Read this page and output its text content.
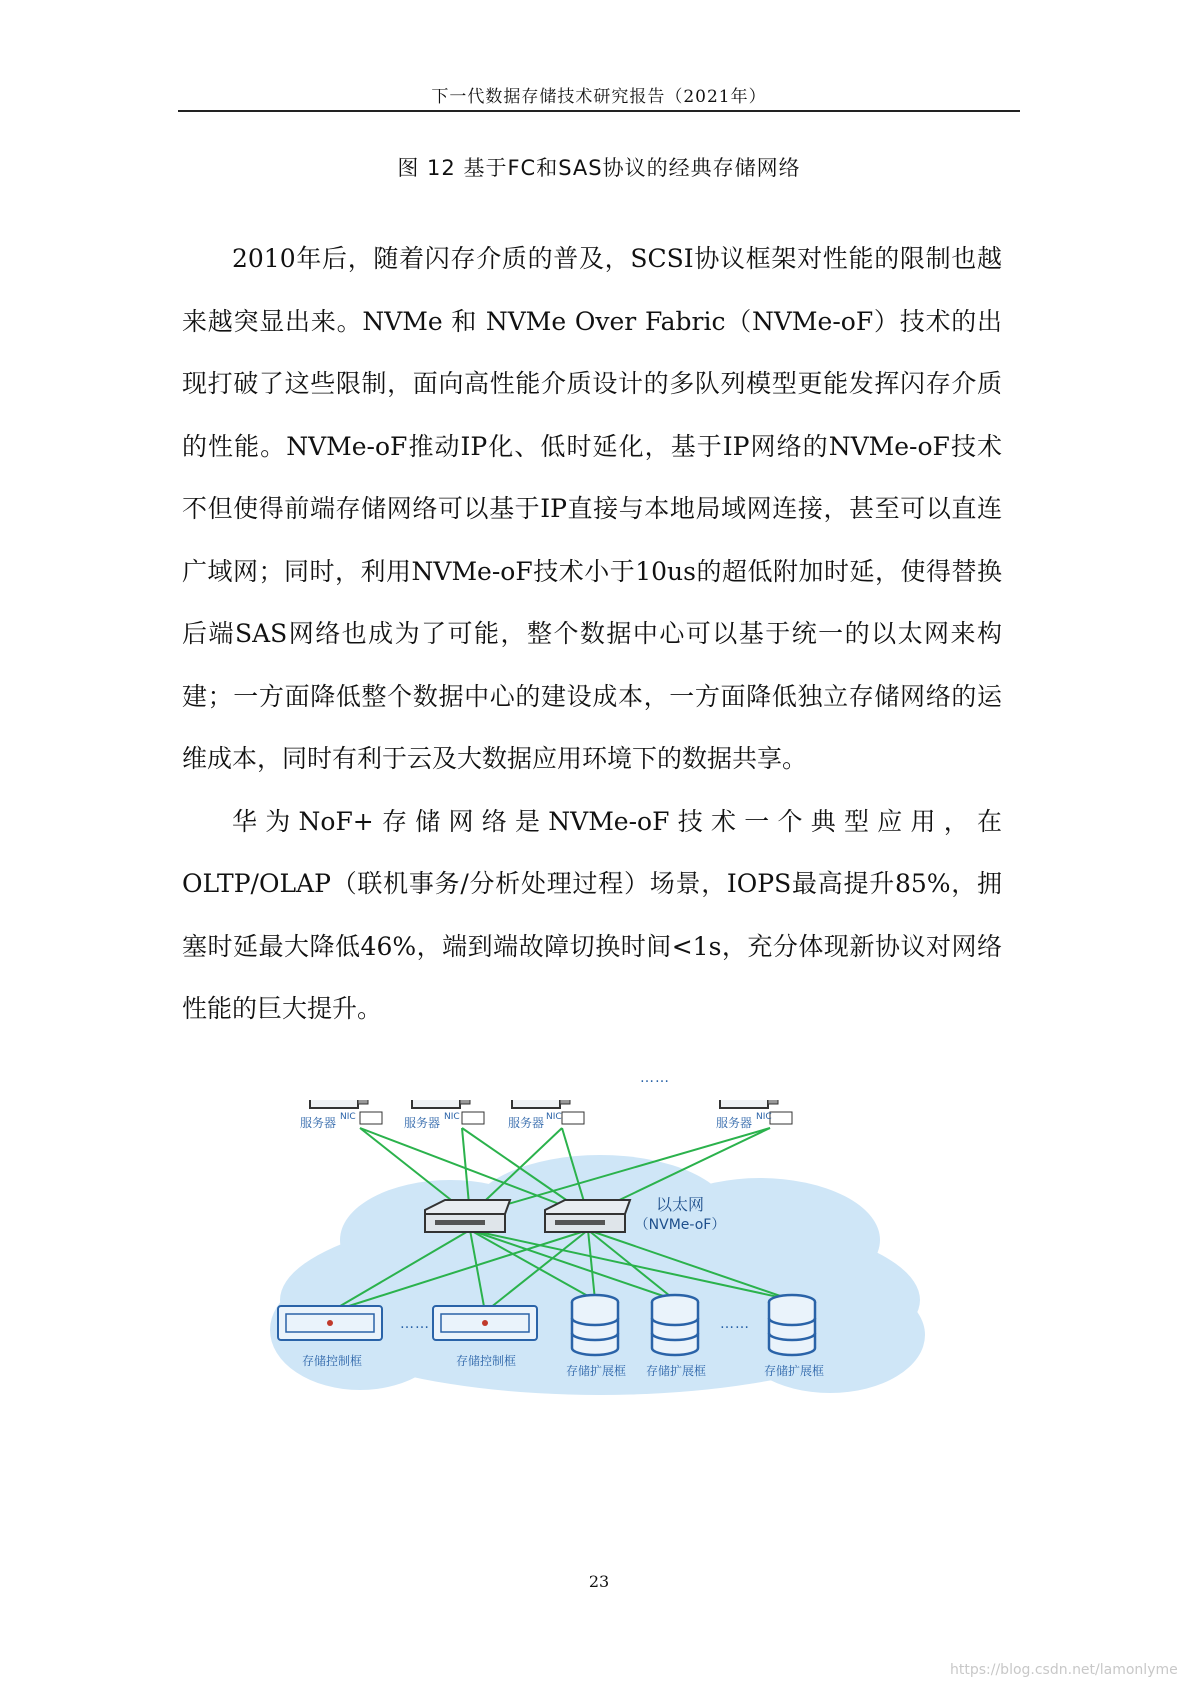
下一代数据存储技术研究报告（2021年）
图 12 基于FC和SAS协议的经典存储网络

2010年后，随着闪存介质的普及，SCSI协议框架对性能的限制也越来越突显出来。NVMe 和 NVMe Over Fabric（NVMe-oF）技术的出现打破了这些限制，面向高性能介质设计的多队列模型更能发挥闪存介质的性能。NVMe-oF推动IP化、低时延化，基于IP网络的NVMe-oF技术不但使得前端存储网络可以基于IP直接与本地局域网连接，甚至可以直连广域网；同时，利用NVMe-oF技术小于10us的超低附加时延，使得替换后端SAS网络也成为了可能，整个数据中心可以基于统一的以太网来构建；一方面降低整个数据中心的建设成本，一方面降低独立存储网络的运维成本，同时有利于云及大数据应用环境下的数据共享。

华为NoF+存储网络是NVMe-oF技术一个典型应用，在OLTP/OLAP（联机事务/分析处理过程）场景，IOPS最高提升85%，拥塞时延最大降低46%，端到端故障切换时间<1s，充分体现新协议对网络性能的巨大提升。

服务器 NIC	服务器 NIC	服务器 NIC
……
服务器 NIC
以太网
（NVMe-oF）
存储控制框
……
存储控制框
存储扩展框 存储扩展框
……
存储扩展框
23
https://blog.csdn.net/lamonlyme
